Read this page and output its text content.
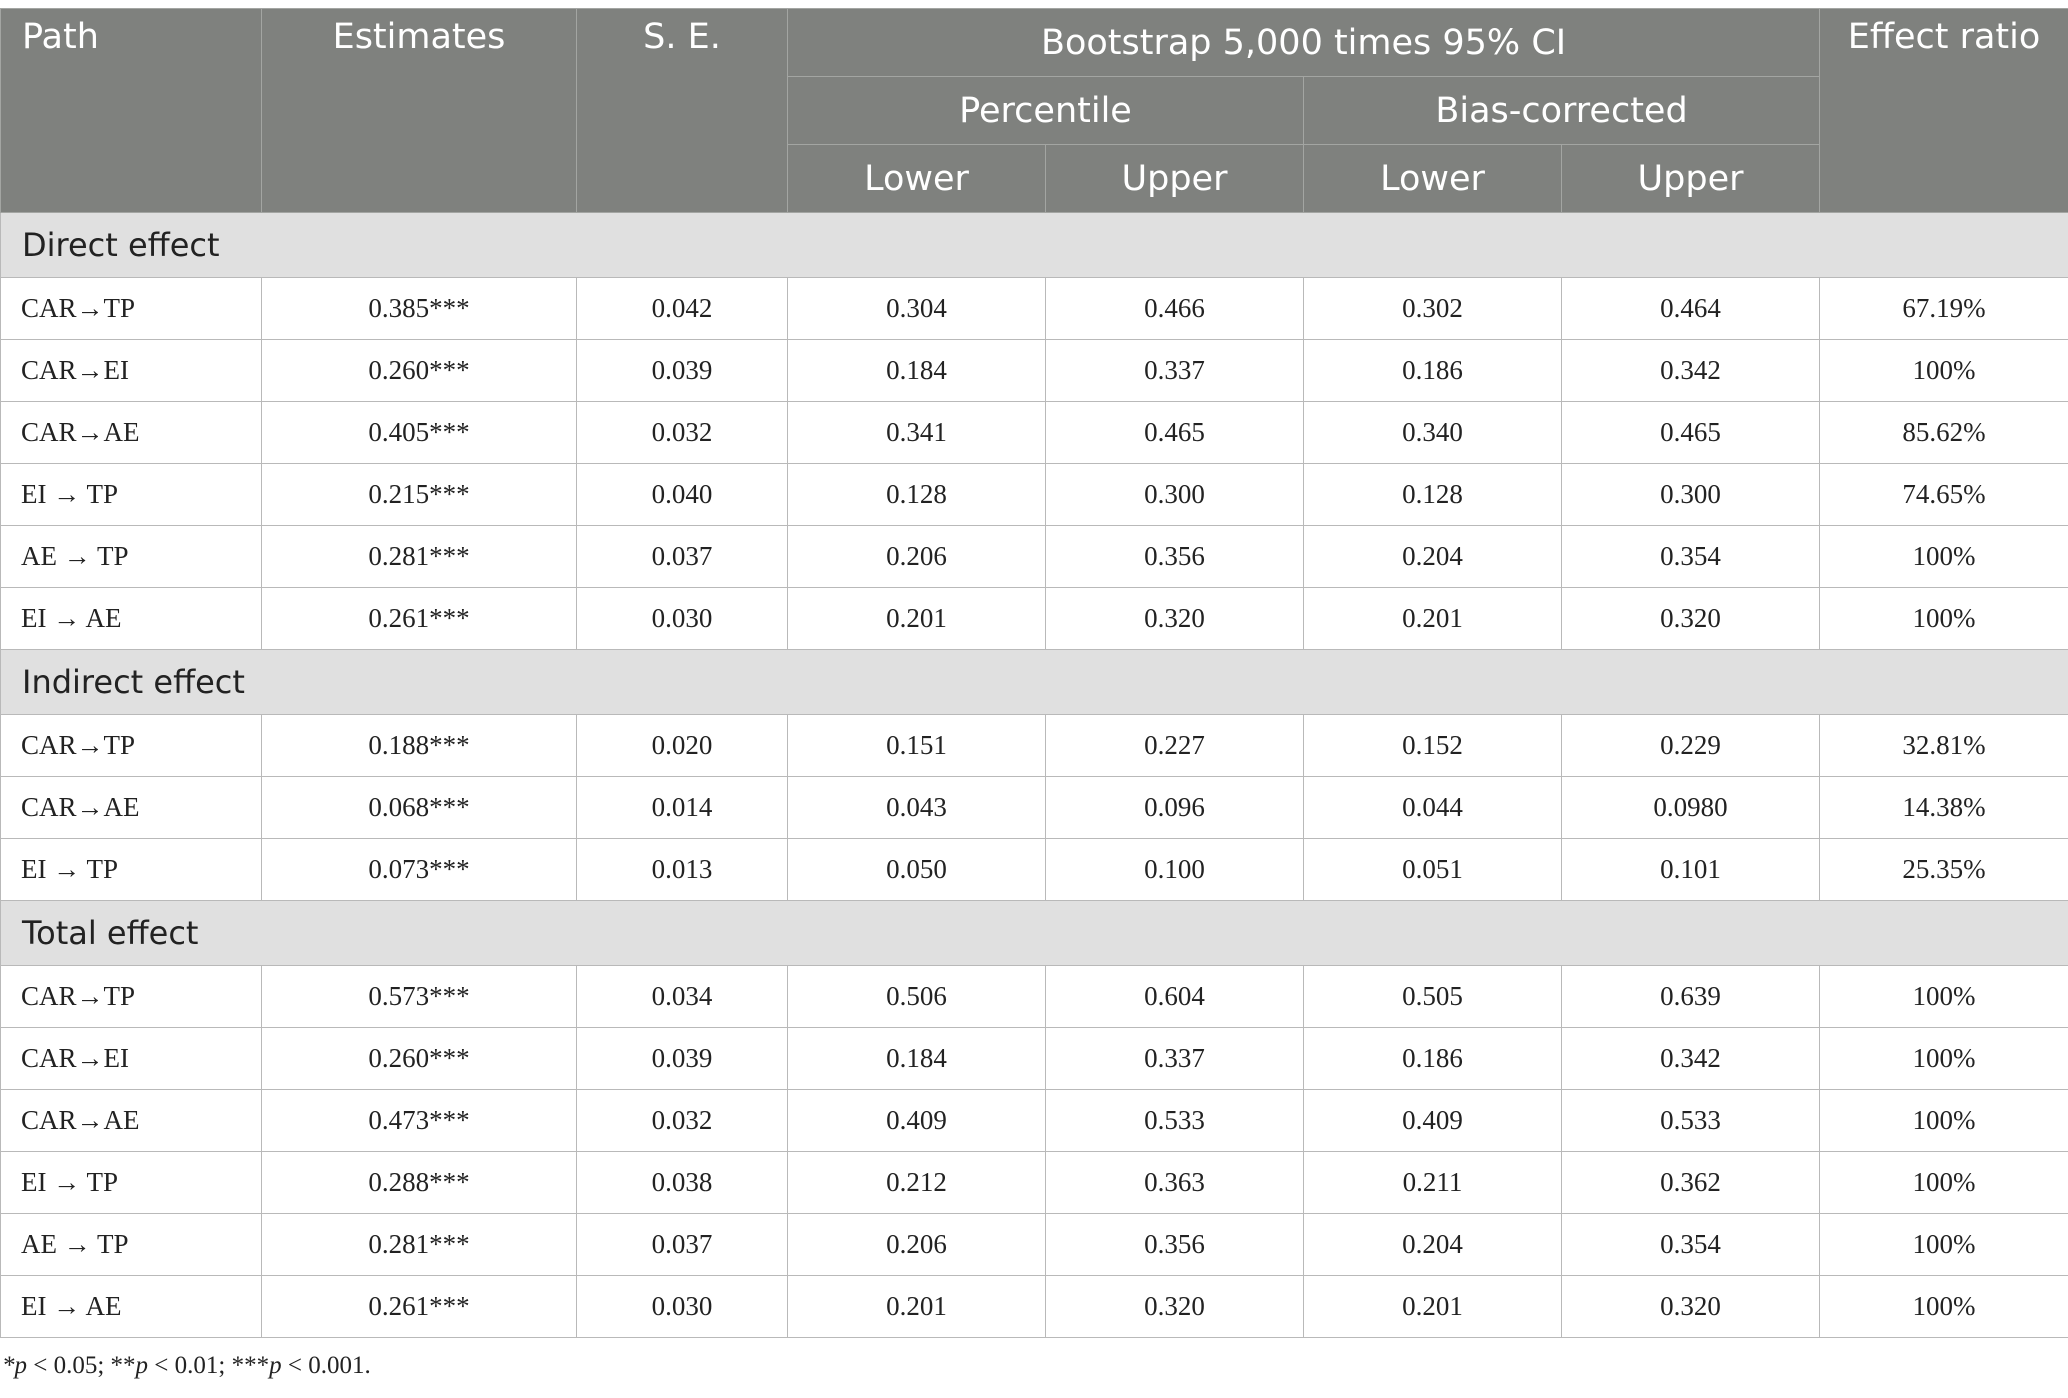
Path	Estimates	S. E.	Bootstrap 5,000 times 95% CI				Effect ratio
			Percentile		Bias-corrected		
			Lower	Upper	Lower	Upper	
Direct effect							
CAR→TP	0.385***	0.042	0.304	0.466	0.302	0.464	67.19%
CAR→EI	0.260***	0.039	0.184	0.337	0.186	0.342	100%
CAR→AE	0.405***	0.032	0.341	0.465	0.340	0.465	85.62%
EI → TP	0.215***	0.040	0.128	0.300	0.128	0.300	74.65%
AE → TP	0.281***	0.037	0.206	0.356	0.204	0.354	100%
EI → AE	0.261***	0.030	0.201	0.320	0.201	0.320	100%
Indirect effect							
CAR→TP	0.188***	0.020	0.151	0.227	0.152	0.229	32.81%
CAR→AE	0.068***	0.014	0.043	0.096	0.044	0.0980	14.38%
EI → TP	0.073***	0.013	0.050	0.100	0.051	0.101	25.35%
Total effect							
CAR→TP	0.573***	0.034	0.506	0.604	0.505	0.639	100%
CAR→EI	0.260***	0.039	0.184	0.337	0.186	0.342	100%
CAR→AE	0.473***	0.032	0.409	0.533	0.409	0.533	100%
EI → TP	0.288***	0.038	0.212	0.363	0.211	0.362	100%
AE → TP	0.281***	0.037	0.206	0.356	0.204	0.354	100%
EI → AE	0.261***	0.030	0.201	0.320	0.201	0.320	100%
*p < 0.05; **p < 0.01; ***p < 0.001.
